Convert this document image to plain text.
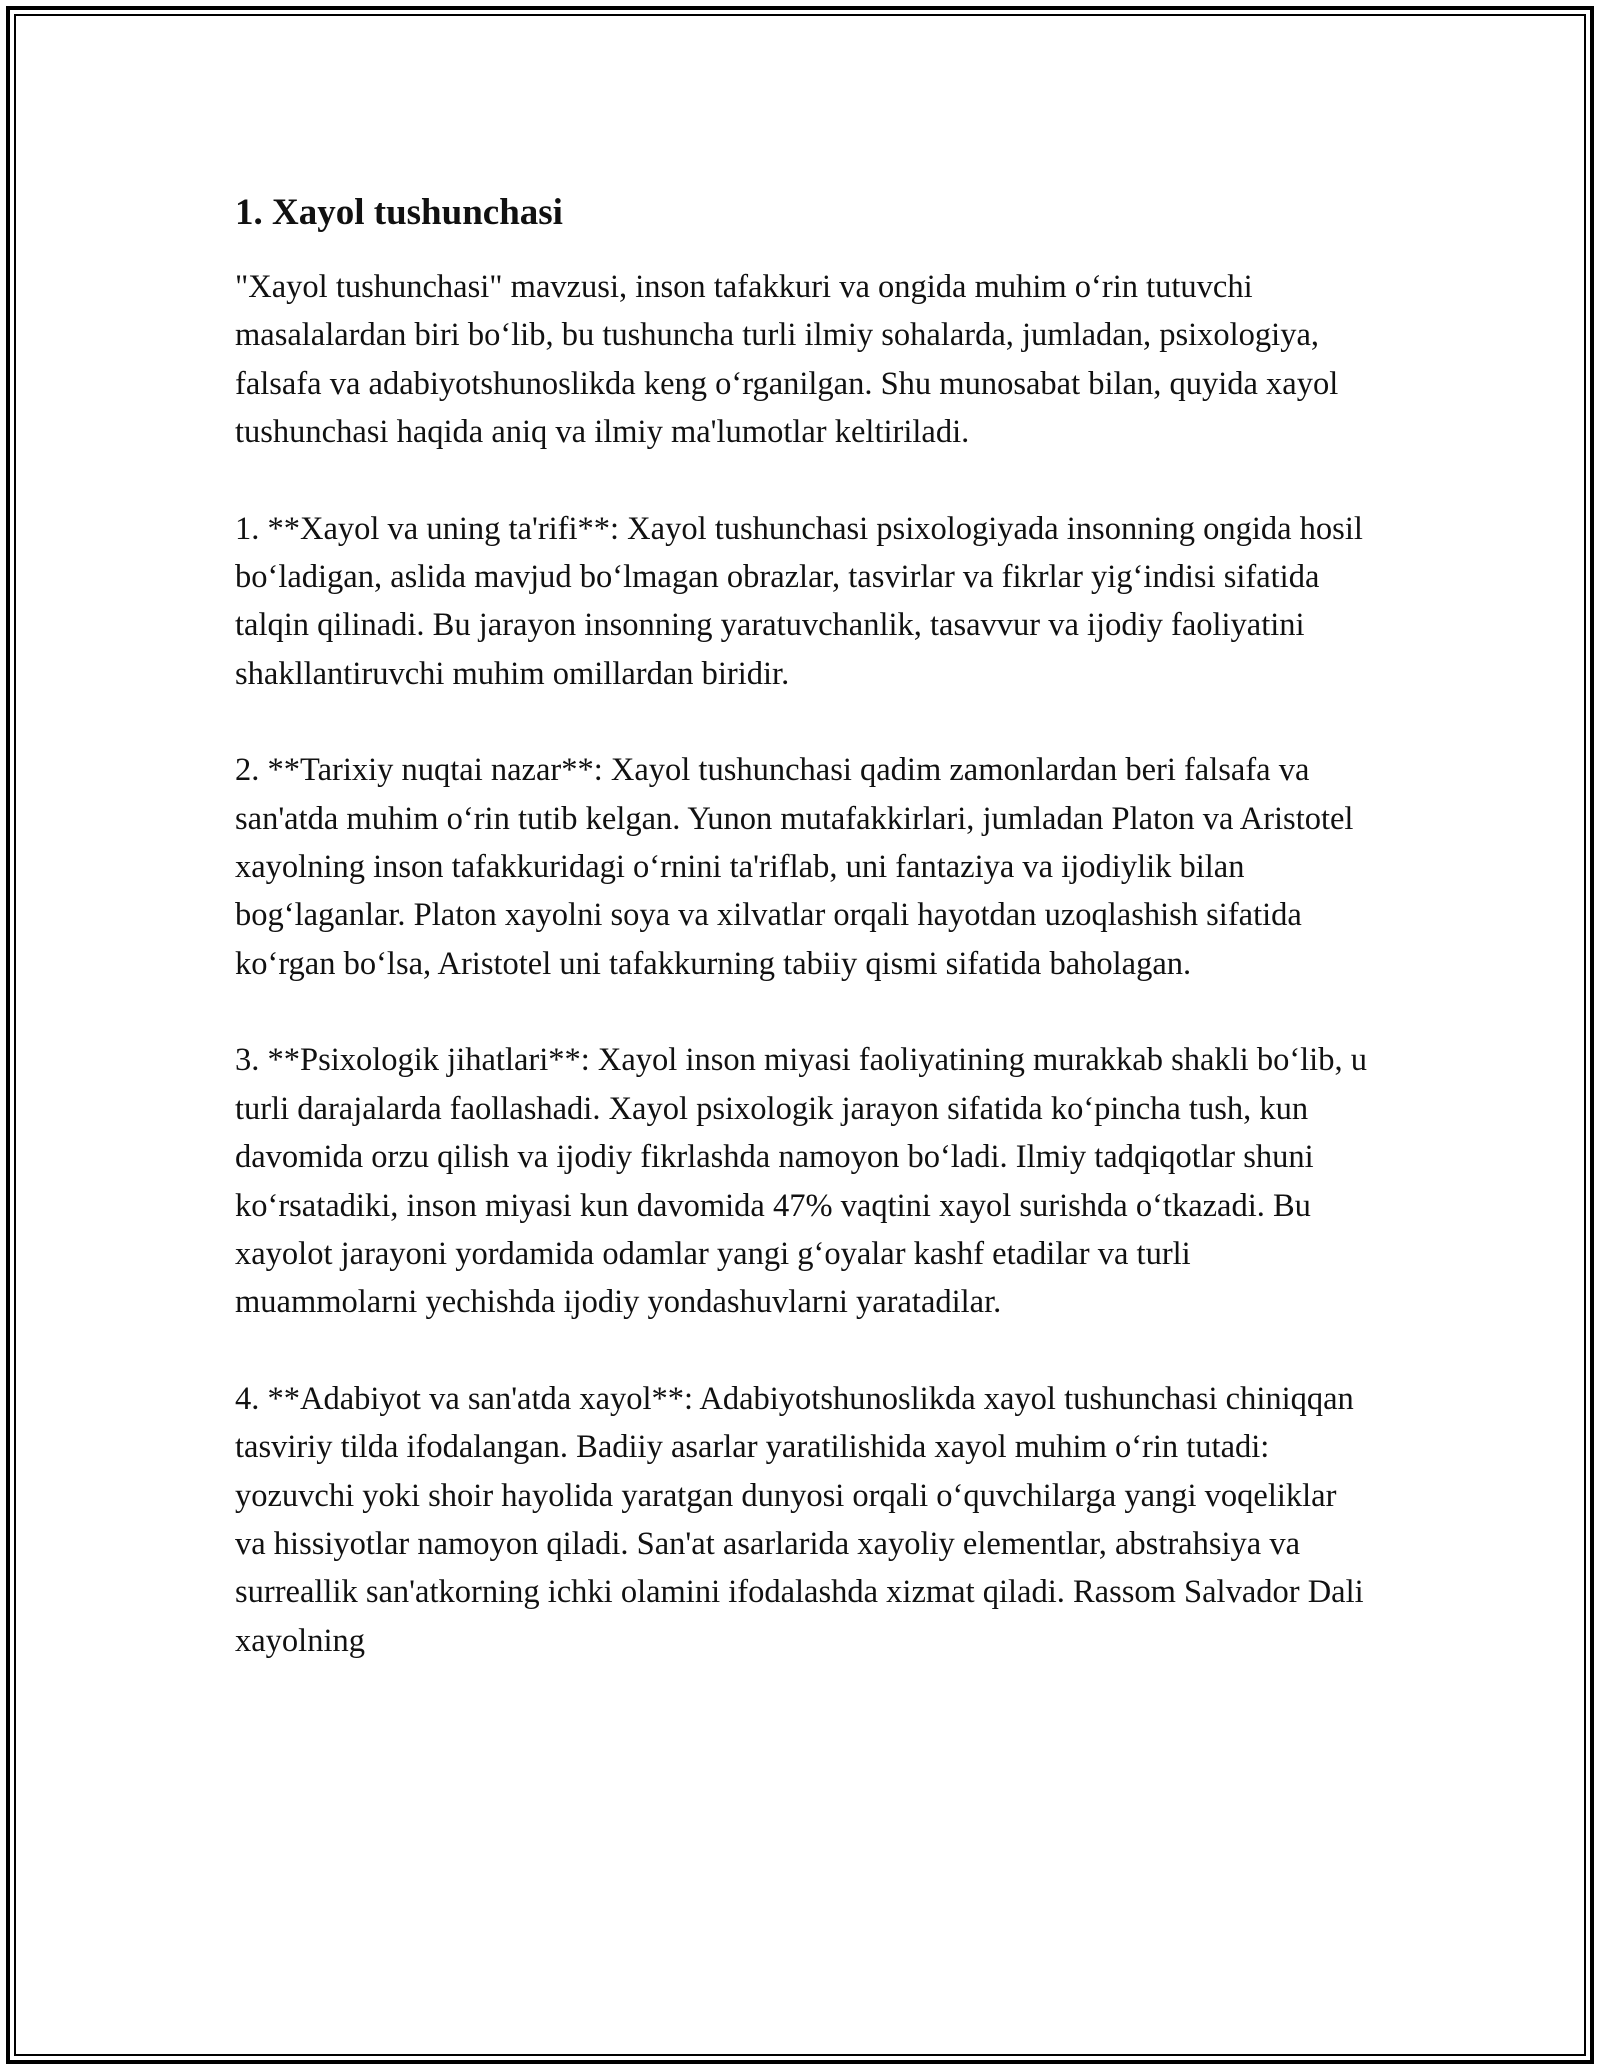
1. Xayol tushunchasi

"Xayol tushunchasi" mavzusi, inson tafakkuri va ongida muhim oʻrin tutuvchi masalalardan biri boʻlib, bu tushuncha turli ilmiy sohalarda, jumladan, psixologiya, falsafa va adabiyotshunoslikda keng oʻrganilgan. Shu munosabat bilan, quyida xayol tushunchasi haqida aniq va ilmiy ma'lumotlar keltiriladi.

1. **Xayol va uning ta'rifi**: Xayol tushunchasi psixologiyada insonning ongida hosil boʻladigan, aslida mavjud boʻlmagan obrazlar, tasvirlar va fikrlar yigʻindisi sifatida talqin qilinadi. Bu jarayon insonning yaratuvchanlik, tasavvur va ijodiy faoliyatini shakllantiruvchi muhim omillardan biridir.

2. **Tarixiy nuqtai nazar**: Xayol tushunchasi qadim zamonlardan beri falsafa va san'atda muhim oʻrin tutib kelgan. Yunon mutafakkirlari, jumladan Platon va Aristotel xayolning inson tafakkuridagi oʻrnini ta'riflab, uni fantaziya va ijodiylik bilan bogʻlaganlar. Platon xayolni soya va xilvatlar orqali hayotdan uzoqlashish sifatida koʻrgan boʻlsa, Aristotel uni tafakkurning tabiiy qismi sifatida baholagan.

3. **Psixologik jihatlari**: Xayol inson miyasi faoliyatining murakkab shakli boʻlib, u turli darajalarda faollashadi. Xayol psixologik jarayon sifatida koʻpincha tush, kun davomida orzu qilish va ijodiy fikrlashda namoyon boʻladi. Ilmiy tadqiqotlar shuni koʻrsatadiki, inson miyasi kun davomida 47% vaqtini xayol surishda oʻtkazadi. Bu xayolot jarayoni yordamida odamlar yangi gʻoyalar kashf etadilar va turli muammolarni yechishda ijodiy yondashuvlarni yaratadilar.

4. **Adabiyot va san'atda xayol**: Adabiyotshunoslikda xayol tushunchasi chiniqqan tasviriy tilda ifodalangan. Badiiy asarlar yaratilishida xayol muhim oʻrin tutadi: yozuvchi yoki shoir hayolida yaratgan dunyosi orqali oʻquvchilarga yangi voqeliklar va hissiyotlar namoyon qiladi. San'at asarlarida xayoliy elementlar, abstrahsiya va surreallik san'atkorning ichki olamini ifodalashda xizmat qiladi. Rassom Salvador Dali xayolning
